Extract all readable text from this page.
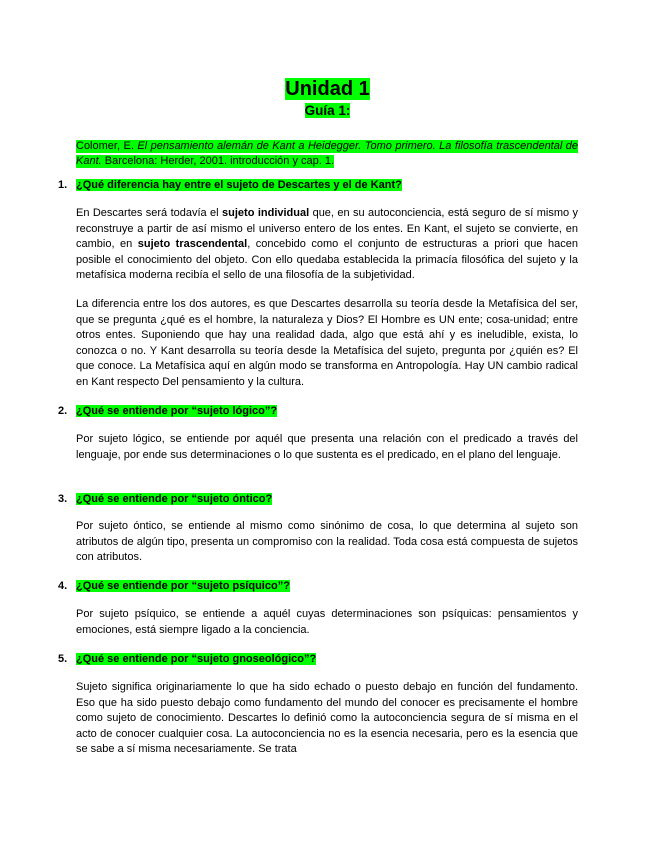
Unidad 1
Guía 1:
Colomer, E. El pensamiento alemán de Kant a Heidegger. Tomo primero. La filosofía trascendental de Kant. Barcelona: Herder, 2001. introducción y cap. 1.
1. ¿Qué diferencia hay entre el sujeto de Descartes y el de Kant?

En Descartes será todavía el sujeto individual que, en su autoconciencia, está seguro de sí mismo y reconstruye a partir de así mismo el universo entero de los entes. En Kant, el sujeto se convierte, en cambio, en sujeto trascendental, concebido como el conjunto de estructuras a priori que hacen posible el conocimiento del objeto. Con ello quedaba establecida la primacía filosófica del sujeto y la metafísica moderna recibía el sello de una filosofía de la subjetividad.

La diferencia entre los dos autores, es que Descartes desarrolla su teoría desde la Metafísica del ser, que se pregunta ¿qué es el hombre, la naturaleza y Dios? El Hombre es UN ente; cosa-unidad; entre otros entes. Suponiendo que hay una realidad dada, algo que está ahí y es ineludible, exista, lo conozca o no. Y Kant desarrolla su teoría desde la Metafísica del sujeto, pregunta por ¿quién es? El que conoce. La Metafísica aquí en algún modo se transforma en Antropología. Hay UN cambio radical en Kant respecto Del pensamiento y la cultura.

2. ¿Qué se entiende por “sujeto lógico”?

Por sujeto lógico, se entiende por aquél que presenta una relación con el predicado a través del lenguaje, por ende sus determinaciones o lo que sustenta es el predicado, en el plano del lenguaje.

3. ¿Qué se entiende por “sujeto óntico?

Por sujeto óntico, se entiende al mismo como sinónimo de cosa, lo que determina al sujeto son atributos de algún tipo, presenta un compromiso con la realidad. Toda cosa está compuesta de sujetos con atributos.

4. ¿Qué se entiende por “sujeto psíquico”?

Por sujeto psíquico, se entiende a aquél cuyas determinaciones son psíquicas: pensamientos y emociones, está siempre ligado a la conciencia.

5. ¿Qué se entiende por “sujeto gnoseológico”?

Sujeto significa originariamente lo que ha sido echado o puesto debajo en función del fundamento. Eso que ha sido puesto debajo como fundamento del mundo del conocer es precisamente el hombre como sujeto de conocimiento. Descartes lo definió como la autoconciencia segura de sí misma en el acto de conocer cualquier cosa. La autoconciencia no es la esencia necesaria, pero es la esencia que se sabe a sí misma necesariamente. Se trata
